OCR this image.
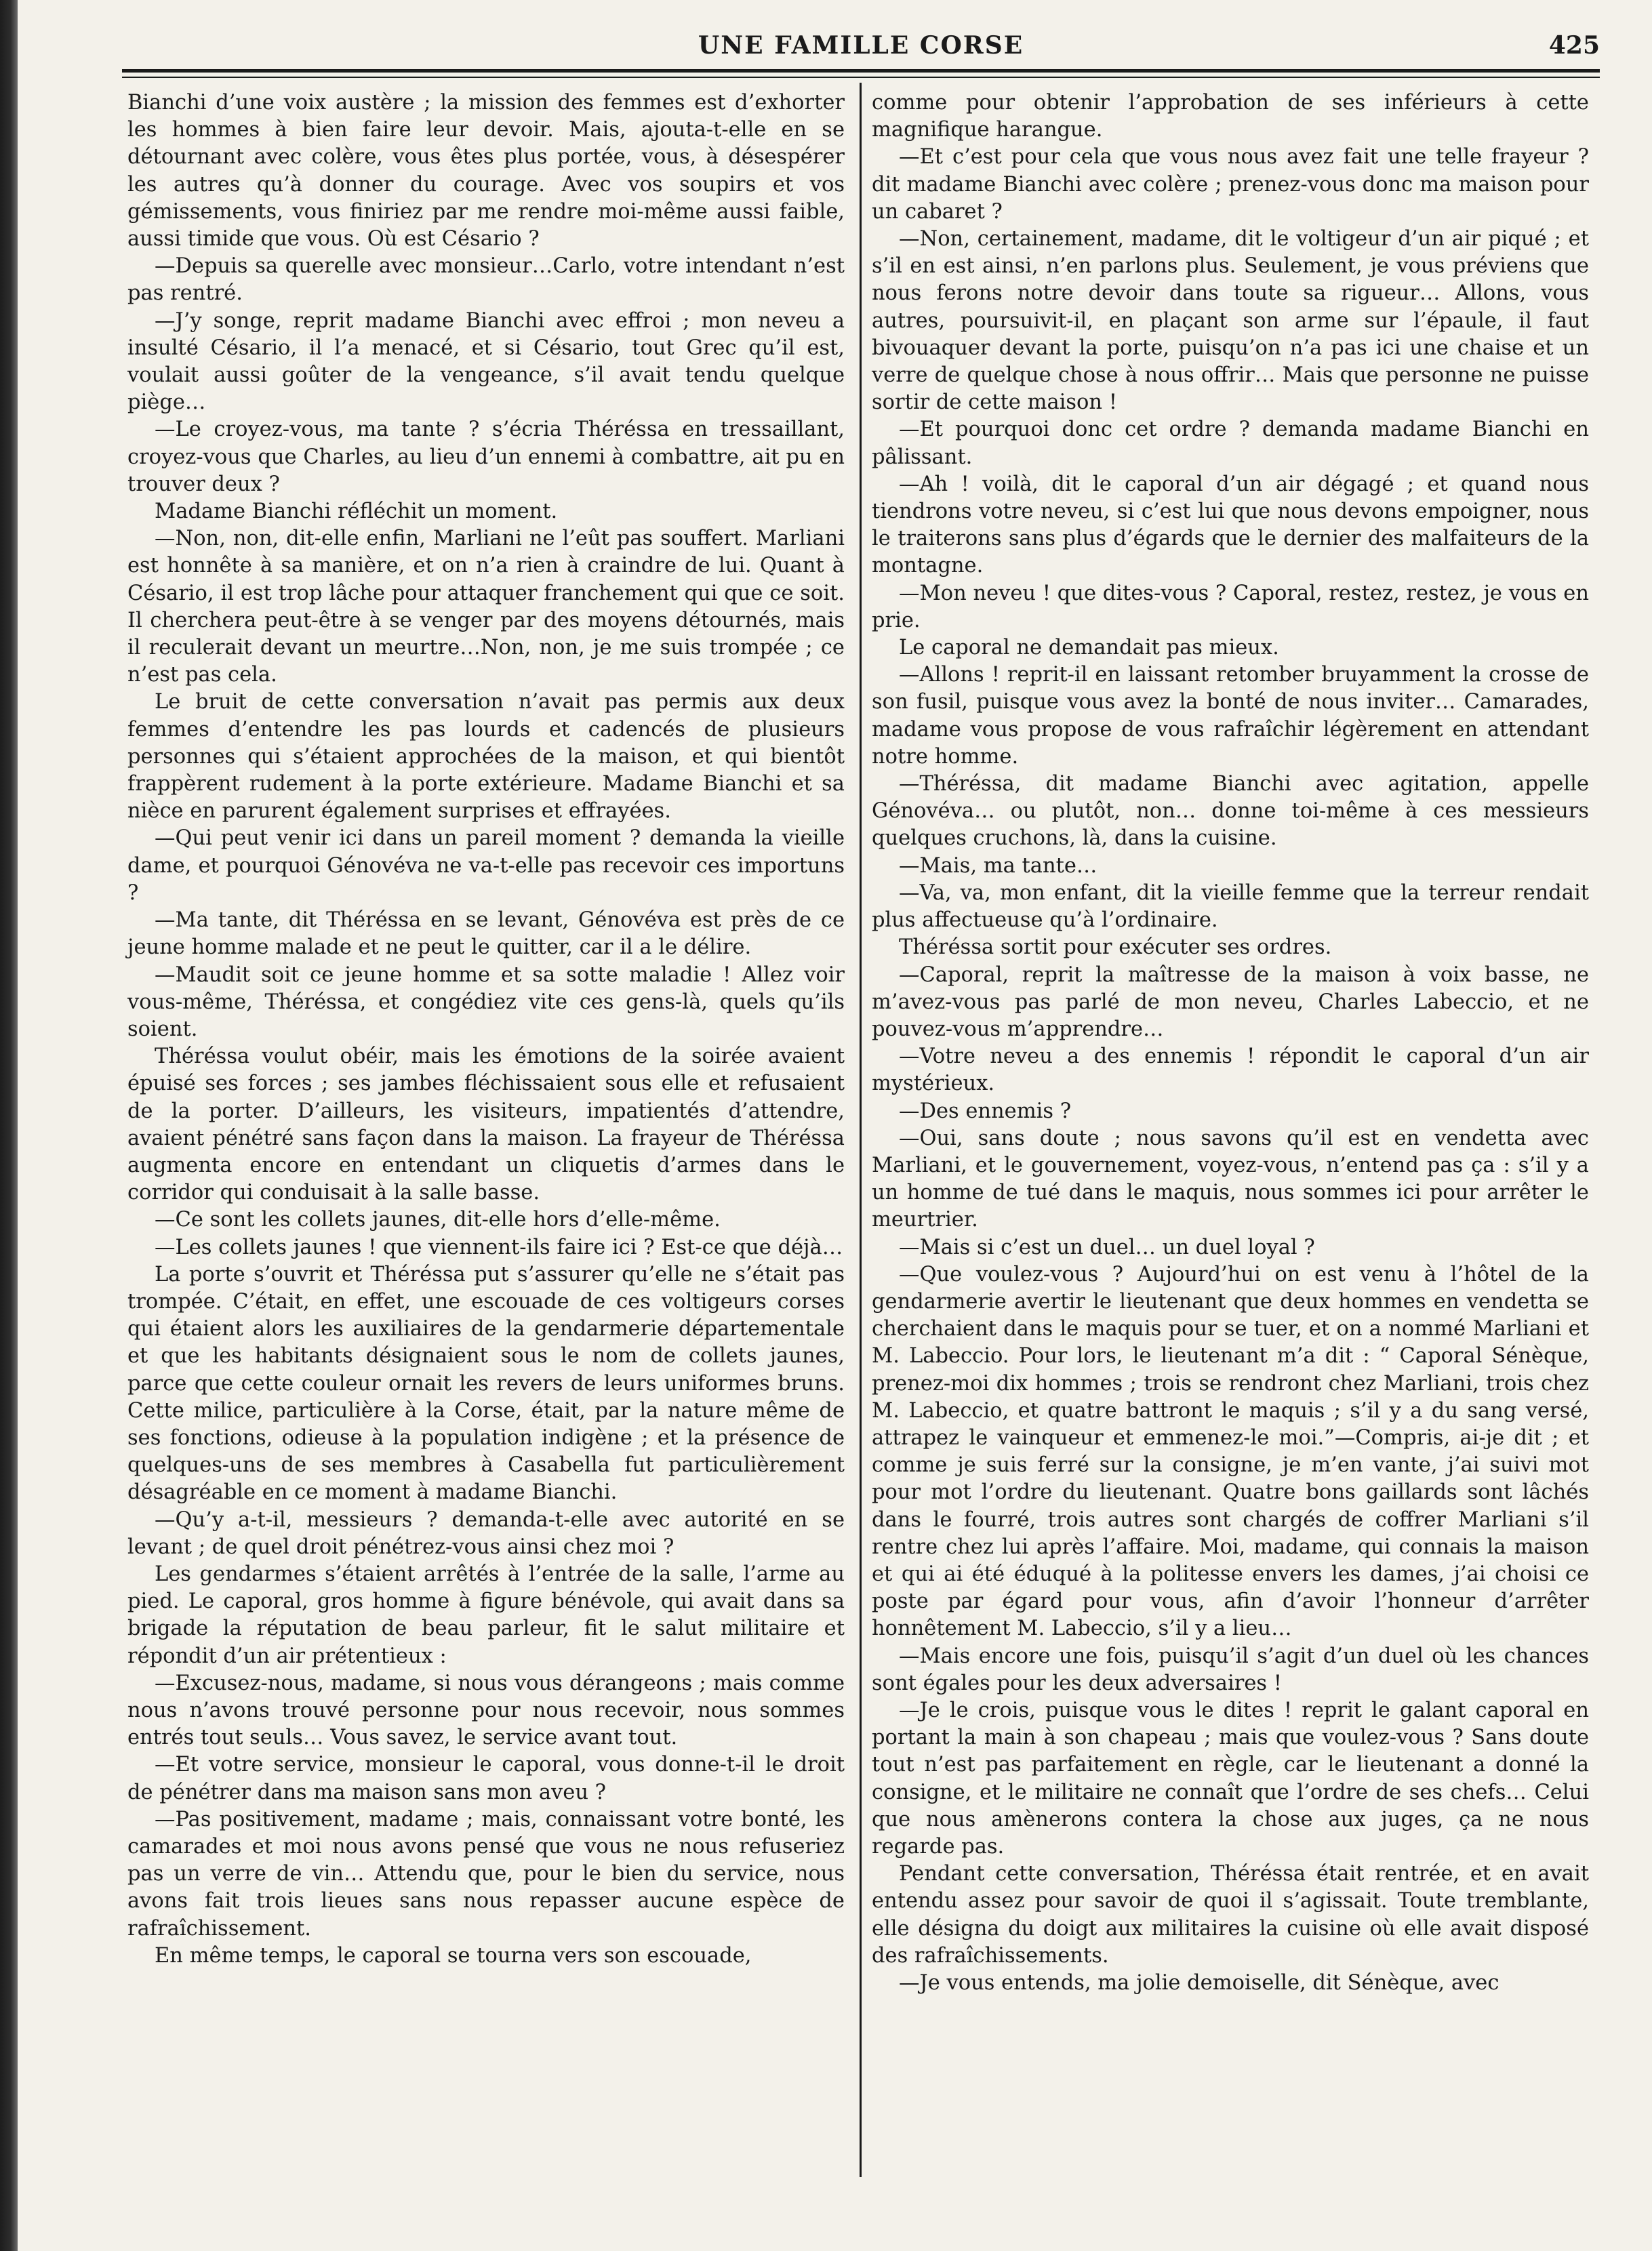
UNE FAMILLE CORSE	425

Bianchi d’une voix austère ; la mission des femmes est d’exhorter les hommes à bien faire leur devoir. Mais, ajouta-t-elle en se détournant avec colère, vous êtes plus portée, vous, à désespérer les autres qu’à donner du courage. Avec vos soupirs et vos gémissements, vous finiriez par me rendre moi-même aussi faible, aussi timide que vous. Où est Césario ?

—Depuis sa querelle avec monsieur…Carlo, votre intendant n’est pas rentré.

—J’y songe, reprit madame Bianchi avec effroi ; mon neveu a insulté Césario, il l’a menacé, et si Césario, tout Grec qu’il est, voulait aussi goûter de la vengeance, s’il avait tendu quelque piège…

—Le croyez-vous, ma tante ? s’écria Théréssa en tressaillant, croyez-vous que Charles, au lieu d’un ennemi à combattre, ait pu en trouver deux ?

Madame Bianchi réfléchit un moment.

—Non, non, dit-elle enfin, Marliani ne l’eût pas souffert. Marliani est honnête à sa manière, et on n’a rien à craindre de lui. Quant à Césario, il est trop lâche pour attaquer franchement qui que ce soit. Il cherchera peut-être à se venger par des moyens détournés, mais il reculerait devant un meurtre…Non, non, je me suis trompée ; ce n’est pas cela.

Le bruit de cette conversation n’avait pas permis aux deux femmes d’entendre les pas lourds et cadencés de plusieurs personnes qui s’étaient approchées de la maison, et qui bientôt frappèrent rudement à la porte extérieure. Madame Bianchi et sa nièce en parurent également surprises et effrayées.

—Qui peut venir ici dans un pareil moment ? demanda la vieille dame, et pourquoi Génovéva ne va-t-elle pas recevoir ces importuns ?

—Ma tante, dit Théréssa en se levant, Génovéva est près de ce jeune homme malade et ne peut le quitter, car il a le délire.

—Maudit soit ce jeune homme et sa sotte maladie ! Allez voir vous-même, Théréssa, et congédiez vite ces gens-là, quels qu’ils soient.

Théréssa voulut obéir, mais les émotions de la soirée avaient épuisé ses forces ; ses jambes fléchissaient sous elle et refusaient de la porter. D’ailleurs, les visiteurs, impatientés d’attendre, avaient pénétré sans façon dans la maison. La frayeur de Théréssa augmenta encore en entendant un cliquetis d’armes dans le corridor qui conduisait à la salle basse.

—Ce sont les collets jaunes, dit-elle hors d’elle-même.

—Les collets jaunes ! que viennent-ils faire ici ? Est-ce que déjà…

La porte s’ouvrit et Théréssa put s’assurer qu’elle ne s’était pas trompée. C’était, en effet, une escouade de ces voltigeurs corses qui étaient alors les auxiliaires de la gendarmerie départementale et que les habitants désignaient sous le nom de collets jaunes, parce que cette couleur ornait les revers de leurs uniformes bruns. Cette milice, particulière à la Corse, était, par la nature même de ses fonctions, odieuse à la population indigène ; et la présence de quelques-uns de ses membres à Casabella fut particulièrement désagréable en ce moment à madame Bianchi.

—Qu’y a-t-il, messieurs ? demanda-t-elle avec autorité en se levant ; de quel droit pénétrez-vous ainsi chez moi ?

Les gendarmes s’étaient arrêtés à l’entrée de la salle, l’arme au pied. Le caporal, gros homme à figure bénévole, qui avait dans sa brigade la réputation de beau parleur, fit le salut militaire et répondit d’un air prétentieux :

—Excusez-nous, madame, si nous vous dérangeons ; mais comme nous n’avons trouvé personne pour nous recevoir, nous sommes entrés tout seuls… Vous savez, le service avant tout.

—Et votre service, monsieur le caporal, vous donne-t-il le droit de pénétrer dans ma maison sans mon aveu ?

—Pas positivement, madame ; mais, connaissant votre bonté, les camarades et moi nous avons pensé que vous ne nous refuseriez pas un verre de vin… Attendu que, pour le bien du service, nous avons fait trois lieues sans nous repasser aucune espèce de rafraîchissement.

En même temps, le caporal se tourna vers son escouade,

comme pour obtenir l’approbation de ses inférieurs à cette magnifique harangue.

—Et c’est pour cela que vous nous avez fait une telle frayeur ? dit madame Bianchi avec colère ; prenez-vous donc ma maison pour un cabaret ?

—Non, certainement, madame, dit le voltigeur d’un air piqué ; et s’il en est ainsi, n’en parlons plus. Seulement, je vous préviens que nous ferons notre devoir dans toute sa rigueur… Allons, vous autres, poursuivit-il, en plaçant son arme sur l’épaule, il faut bivouaquer devant la porte, puisqu’on n’a pas ici une chaise et un verre de quelque chose à nous offrir… Mais que personne ne puisse sortir de cette maison !

—Et pourquoi donc cet ordre ? demanda madame Bianchi en pâlissant.

—Ah ! voilà, dit le caporal d’un air dégagé ; et quand nous tiendrons votre neveu, si c’est lui que nous devons empoigner, nous le traiterons sans plus d’égards que le dernier des malfaiteurs de la montagne.

—Mon neveu ! que dites-vous ? Caporal, restez, restez, je vous en prie.

Le caporal ne demandait pas mieux.

—Allons ! reprit-il en laissant retomber bruyamment la crosse de son fusil, puisque vous avez la bonté de nous inviter… Camarades, madame vous propose de vous rafraîchir légèrement en attendant notre homme.

—Théréssa, dit madame Bianchi avec agitation, appelle Génovéva… ou plutôt, non… donne toi-même à ces messieurs quelques cruchons, là, dans la cuisine.

—Mais, ma tante…

—Va, va, mon enfant, dit la vieille femme que la terreur rendait plus affectueuse qu’à l’ordinaire.

Théréssa sortit pour exécuter ses ordres.

—Caporal, reprit la maîtresse de la maison à voix basse, ne m’avez-vous pas parlé de mon neveu, Charles Labeccio, et ne pouvez-vous m’apprendre…

—Votre neveu a des ennemis ! répondit le caporal d’un air mystérieux.

—Des ennemis ?

—Oui, sans doute ; nous savons qu’il est en vendetta avec Marliani, et le gouvernement, voyez-vous, n’entend pas ça : s’il y a un homme de tué dans le maquis, nous sommes ici pour arrêter le meurtrier.

—Mais si c’est un duel… un duel loyal ?

—Que voulez-vous ? Aujourd’hui on est venu à l’hôtel de la gendarmerie avertir le lieutenant que deux hommes en vendetta se cherchaient dans le maquis pour se tuer, et on a nommé Marliani et M. Labeccio. Pour lors, le lieutenant m’a dit : “ Caporal Sénèque, prenez-moi dix hommes ; trois se rendront chez Marliani, trois chez M. Labeccio, et quatre battront le maquis ; s’il y a du sang versé, attrapez le vainqueur et emmenez-le moi.”—Compris, ai-je dit ; et comme je suis ferré sur la consigne, je m’en vante, j’ai suivi mot pour mot l’ordre du lieutenant. Quatre bons gaillards sont lâchés dans le fourré, trois autres sont chargés de coffrer Marliani s’il rentre chez lui après l’affaire. Moi, madame, qui connais la maison et qui ai été éduqué à la politesse envers les dames, j’ai choisi ce poste par égard pour vous, afin d’avoir l’honneur d’arrêter honnêtement M. Labeccio, s’il y a lieu…

—Mais encore une fois, puisqu’il s’agit d’un duel où les chances sont égales pour les deux adversaires !

—Je le crois, puisque vous le dites ! reprit le galant caporal en portant la main à son chapeau ; mais que voulez-vous ? Sans doute tout n’est pas parfaitement en règle, car le lieutenant a donné la consigne, et le militaire ne connaît que l’ordre de ses chefs… Celui que nous amènerons contera la chose aux juges, ça ne nous regarde pas.

Pendant cette conversation, Théréssa était rentrée, et en avait entendu assez pour savoir de quoi il s’agissait. Toute tremblante, elle désigna du doigt aux militaires la cuisine où elle avait disposé des rafraîchissements.

—Je vous entends, ma jolie demoiselle, dit Sénèque, avec
